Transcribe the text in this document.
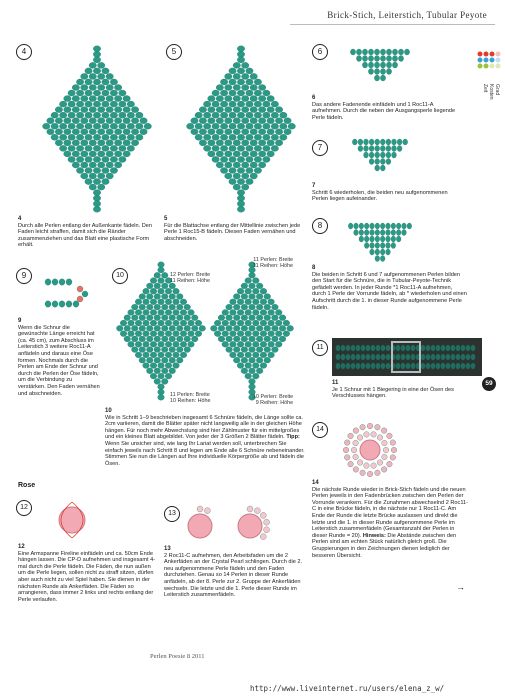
Brick-Stich, Leiterstich, Tubular Peyote
Zeit Kosten Grad
4	5
4
Durch alle Perlen entlang der Außenkante fädeln. Den Faden leicht straffen, damit sich die Ränder zusammenziehen und das Blatt eine plastische Form erhält.
5
Für die Blattachse entlang der Mittellinie zwischen jede Perle 1 Roc15-B fädeln. Diesen Faden vernähen und abschneiden.
6
6
Das andere Fadenende einfädeln und 1 Roc11-A aufnehmen. Durch die neben der Ausgangsperle liegende Perle fädeln.
7
7
Schritt 6 wiederholen, die beiden neu aufgenommenen Perlen liegen aufeinander.
8
8
Die beiden in Schritt 6 und 7 aufgenommenen Perlen bilden den Start für die Schnüre, die in Tubular-Peyote-Technik gefädelt werden. In jeder Runde *1 Roc11-A aufnehmen, durch 1 Perle der Vorrunde fädeln, ab * wiederholen und einen Aufschritt durch die 1. in dieser Runde aufgenommene Perle fädeln.
9
9
Wenn die Schnur die gewünschte Länge erreicht hat (ca. 45 cm), zum Abschluss im Leiterstich 3 weitere Roc11-A anfädeln und daraus eine Öse formen. Nochmals durch die Perlen am Ende der Schnur und durch die Perlen der Öse fädeln, um die Verbindung zu verstärken. Den Faden vernähen und abschneiden.
10	12 Perlen: Breite
11 Reihen: Höhe
11 Perlen: Breite
10 Reihen: Höhe
11 Perlen: Breite
11 Reihen: Höhe
10 Perlen: Breite
9 Reihen: Höhe
10
Wie in Schritt 1–9 beschrieben insgesamt 6 Schnüre fädeln, die Länge sollte ca. 2cm variieren, damit die Blätter später nicht langweilig alle in der gleichen Höhe hängen. Für noch mehr Abwechslung sind hier Zählmuster für ein mittelgroßes und ein kleines Blatt abgebildet. Von jeder der 3 Größen 2 Blätter fädeln. Tipp: Wenn Sie unsicher sind, wie lang Ihr Lariat werden soll, unterbrechen Sie einfach jeweils nach Schritt 8 und legen am Ende alle 6 Schnüre nebeneinander. Stimmen Sie nun die Längen auf Ihre individuelle Körpergröße ab und fädeln die Ösen.
11
11
Je 1 Schnur mit 1 Biegering in eine der Ösen des Verschlusses hängen.
59
Rose
12
12
Eine Armspanne Fireline einfädeln und ca. 50cm Ende hängen lassen. Die CP-D aufnehmen und insgesamt 4-mal durch die Perle fädeln. Die Fäden, die nun außen um die Perle liegen, sollen nicht zu straff sitzen, dürfen aber auch nicht zu viel Spiel haben. Sie dienen in der nächsten Runde als Ankerfäden. Die Fäden so arrangieren, dass immer 2 links und rechts entlang der Perle verlaufen.
13
13
2 Roc11-C aufnehmen, den Arbeitsfaden um die 2 Ankerfäden an der Crystal Pearl schlingen. Durch die 2. neu aufgenommene Perle fädeln und den Faden durchziehen. Genau so 14 Perlen in dieser Runde anfädeln, ab der 8. Perle zur 2. Gruppe der Ankerfäden wechseln. Die letzte und die 1. Perle dieser Runde im Leiterstich zusammenfädeln.
14
14
Die nächste Runde wieder in Brick-Stich fädeln und die neuen Perlen jeweils in den Fadenbrücken zwischen den Perlen der Vorrunde verankern. Für die Zunahmen abwechselnd 2 Roc11-C in eine Brücke fädeln, in die nächste nur 1 Roc11-C. Am Ende der Runde die letzte Brücke auslassen und direkt die letzte und die 1. in dieser Runde aufgenommene Perle im Leiterstich zusammenfädeln (Gesamtanzahl der Perlen in dieser Runde = 20). Hinweis: Die Abstände zwischen den Perlen sind am echten Stück natürlich gleich groß. Die Gruppierungen in den Zeichnungen dienen lediglich der besseren Übersicht.
→
Perlen Poesie 8 2011
http://www.liveinternet.ru/users/elena_z_w/
